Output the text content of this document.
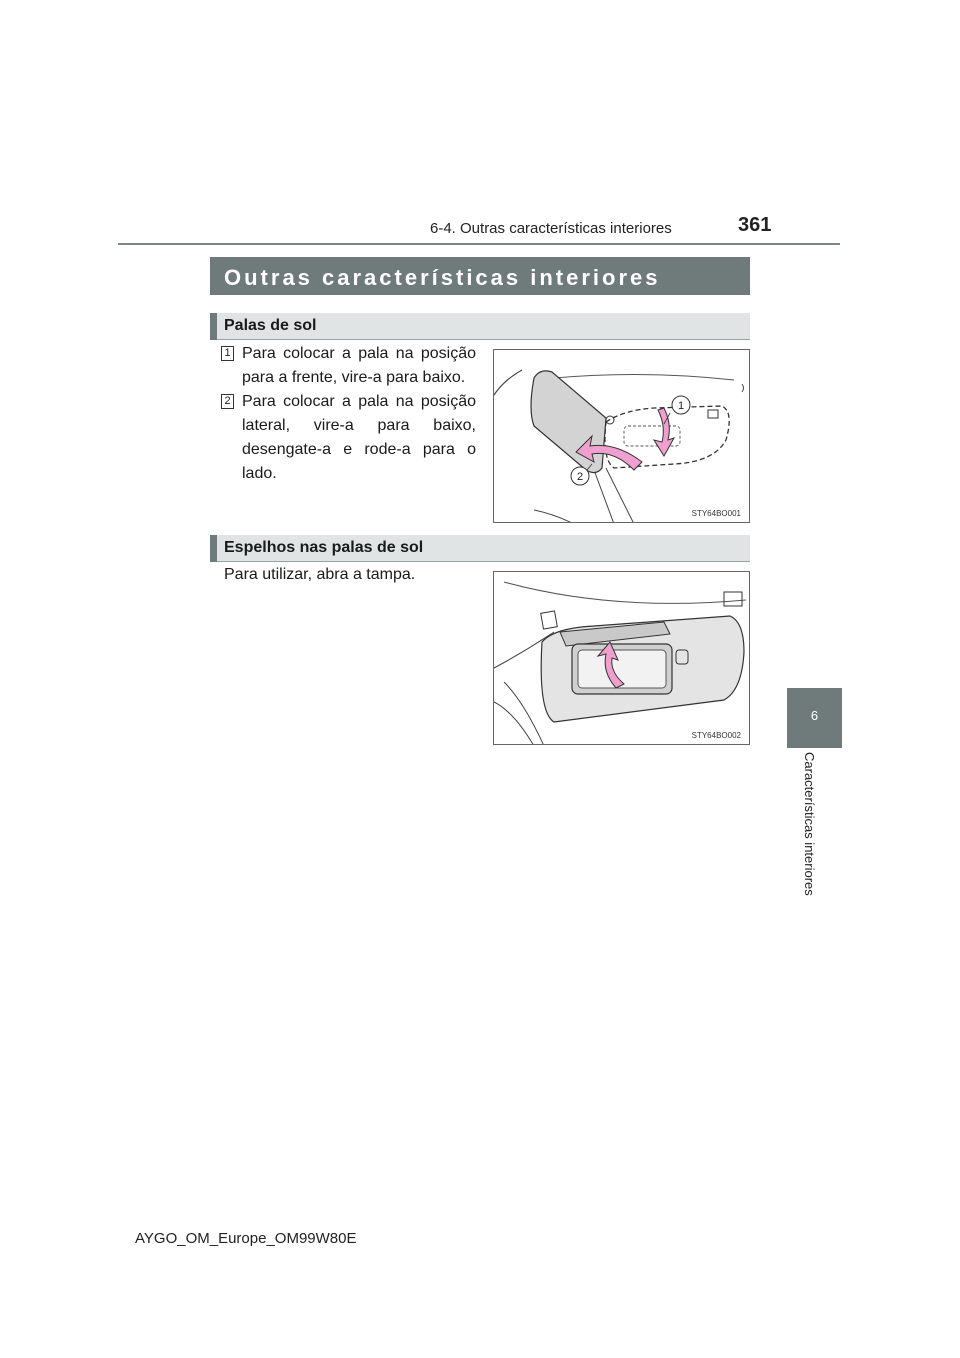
6-4. Outras características interiores	361
Outras características interiores
Palas de sol
1 Para colocar a pala na posição para a frente, vire-a para baixo.
2 Para colocar a pala na posição lateral, vire-a para baixo, desengate-a e rode-a para o lado.
1
2
STY64BO001
Espelhos nas palas de sol
Para utilizar, abra a tampa.
STY64BO002
6
Características interiores
AYGO_OM_Europe_OM99W80E
